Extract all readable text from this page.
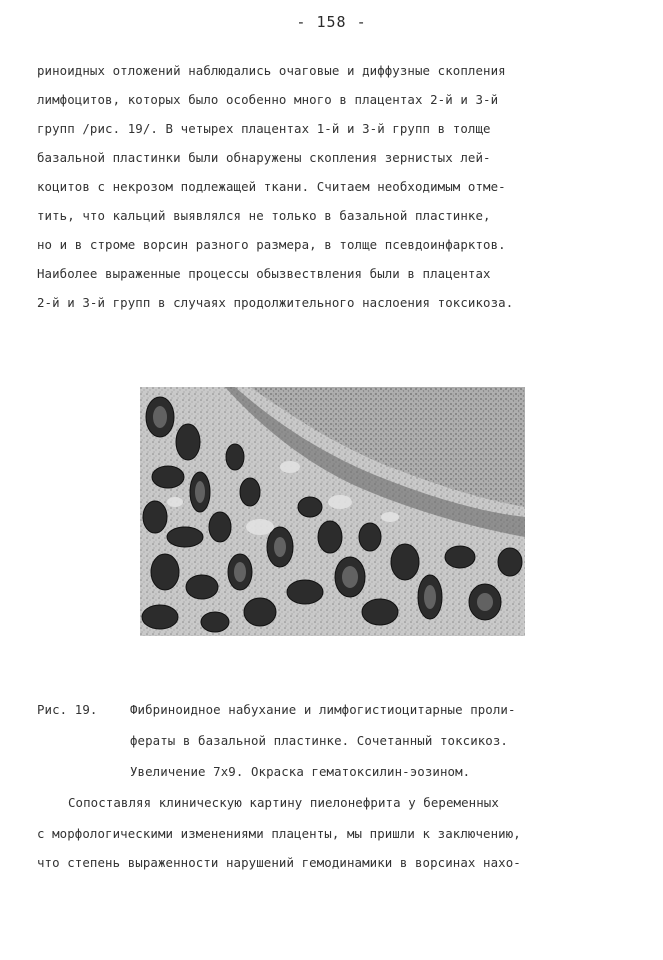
- 158 -
риноидных отложений наблюдались очаговые и диффузные скопления
лимфоцитов, которых было особенно много в плацентах 2-й и 3-й
групп /рис. 19/. В четырех плацентах 1-й и 3-й групп в толще
базальной пластинки были обнаружены скопления зернистых лей-
коцитов с некрозом подлежащей ткани. Считаем необходимым отме-
тить, что кальций выявлялся не только в базальной пластинке,
но и в строме ворсин разного размера, в толще псевдоинфарктов.
Наиболее выраженные процессы обызвествления были в плацентах
2-й и 3-й групп в случаях продолжительного наслоения токсикоза.
Рис. 19.	Фибриноидное набухание и лимфогистиоцитарные проли-
фераты в базальной пластинке. Сочетанный токсикоз.
Увеличение 7х9. Окраска гематоксилин-эозином.
Сопоставляя клиническую картину пиелонефрита у беременных
с морфологическими изменениями плаценты, мы пришли к заключению,
что степень выраженности нарушений гемодинамики в ворсинах нахо-
